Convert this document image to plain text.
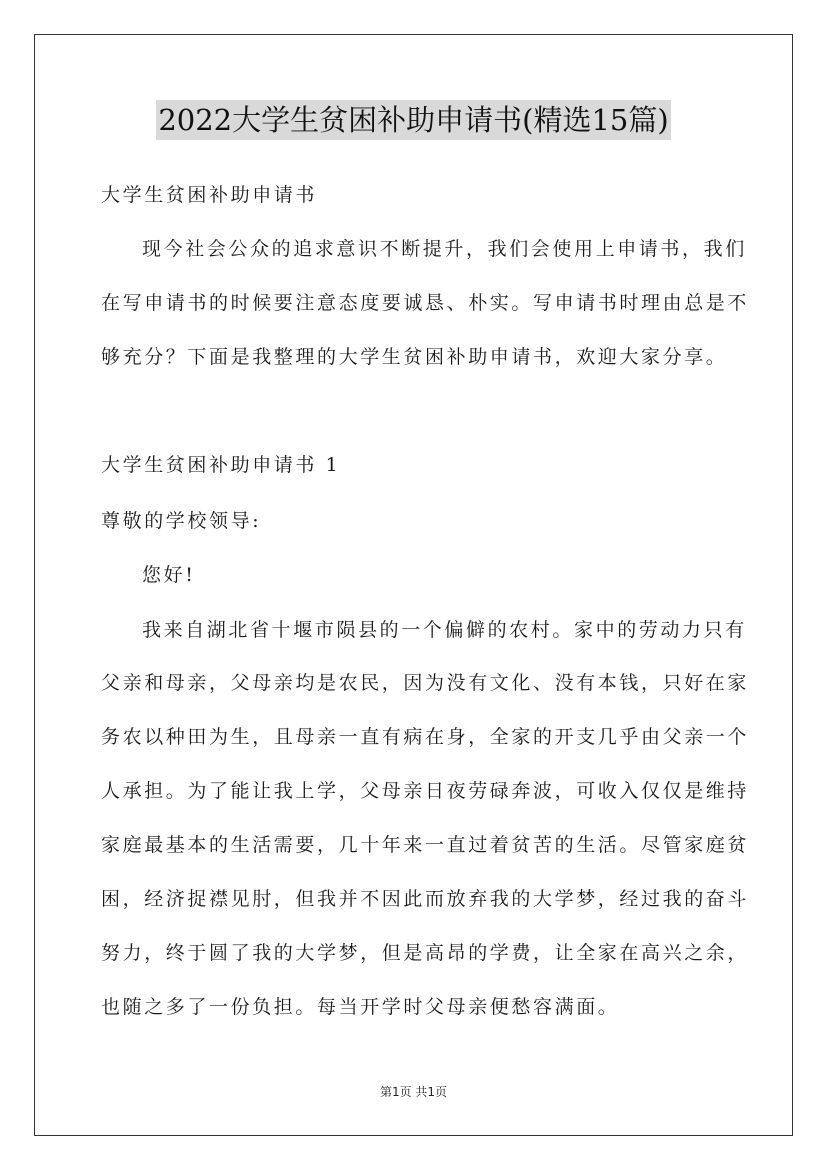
2022大学生贫困补助申请书(精选15篇)
大学生贫困补助申请书
现今社会公众的追求意识不断提升，我们会使用上申请书，我们
在写申请书的时候要注意态度要诚恳、朴实。写申请书时理由总是不
够充分？下面是我整理的大学生贫困补助申请书，欢迎大家分享。
大学生贫困补助申请书 1
尊敬的学校领导:
您好!
我来自湖北省十堰市陨县的一个偏僻的农村。家中的劳动力只有
父亲和母亲，父母亲均是农民，因为没有文化、没有本钱，只好在家
务农以种田为生，且母亲一直有病在身，全家的开支几乎由父亲一个
人承担。为了能让我上学，父母亲日夜劳碌奔波，可收入仅仅是维持
家庭最基本的生活需要，几十年来一直过着贫苦的生活。尽管家庭贫
困，经济捉襟见肘，但我并不因此而放弃我的大学梦，经过我的奋斗
努力，终于圆了我的大学梦，但是高昂的学费，让全家在高兴之余，
也随之多了一份负担。每当开学时父母亲便愁容满面。
第1页 共1页
